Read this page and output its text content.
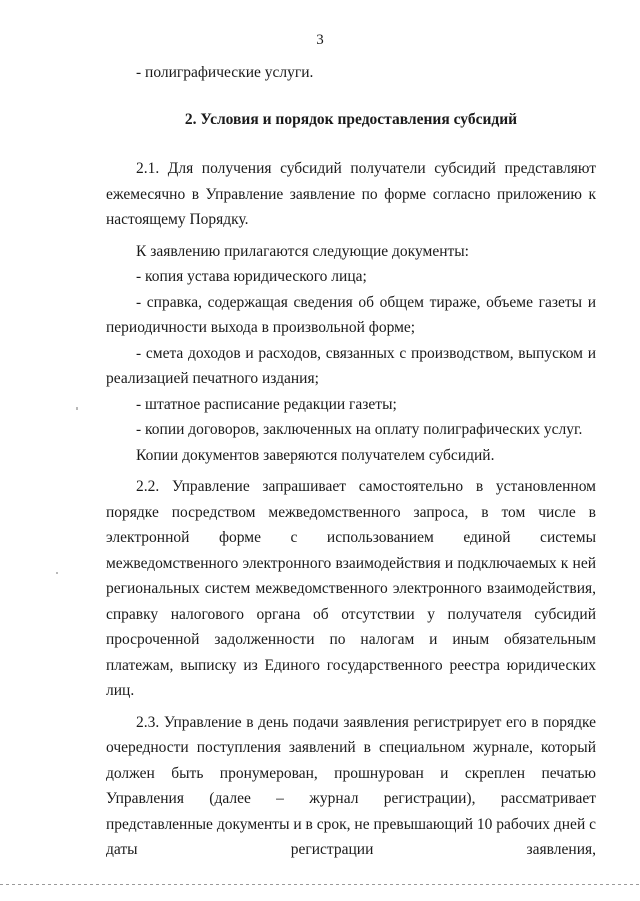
3

- полиграфические услуги.

2. Условия и порядок предоставления субсидий

2.1. Для получения субсидий получатели субсидий представляют ежемесячно в Управление заявление по форме согласно приложению к настоящему Порядку.

К заявлению прилагаются следующие документы:

- копия устава юридического лица;

- справка, содержащая сведения об общем тираже, объеме газеты и периодичности выхода в произвольной форме;

- смета доходов и расходов, связанных с производством, выпуском и реализацией печатного издания;

- штатное расписание редакции газеты;

- копии договоров, заключенных на оплату полиграфических услуг.

Копии документов заверяются получателем субсидий.

2.2. Управление запрашивает самостоятельно в установленном порядке посредством межведомственного запроса, в том числе в электронной форме с использованием единой системы межведомственного электронного взаимодействия и подключаемых к ней региональных систем межведомственного электронного взаимодействия, справку налогового органа об отсутствии у получателя субсидий просроченной задолженности по налогам и иным обязательным платежам, выписку из Единого государственного реестра юридических лиц.

2.3. Управление в день подачи заявления регистрирует его в порядке очередности поступления заявлений в специальном журнале, который должен быть пронумерован, прошнурован и скреплен печатью Управления (далее – журнал регистрации), рассматривает представленные документы и в срок, не превышающий 10 рабочих дней с даты регистрации заявления,
